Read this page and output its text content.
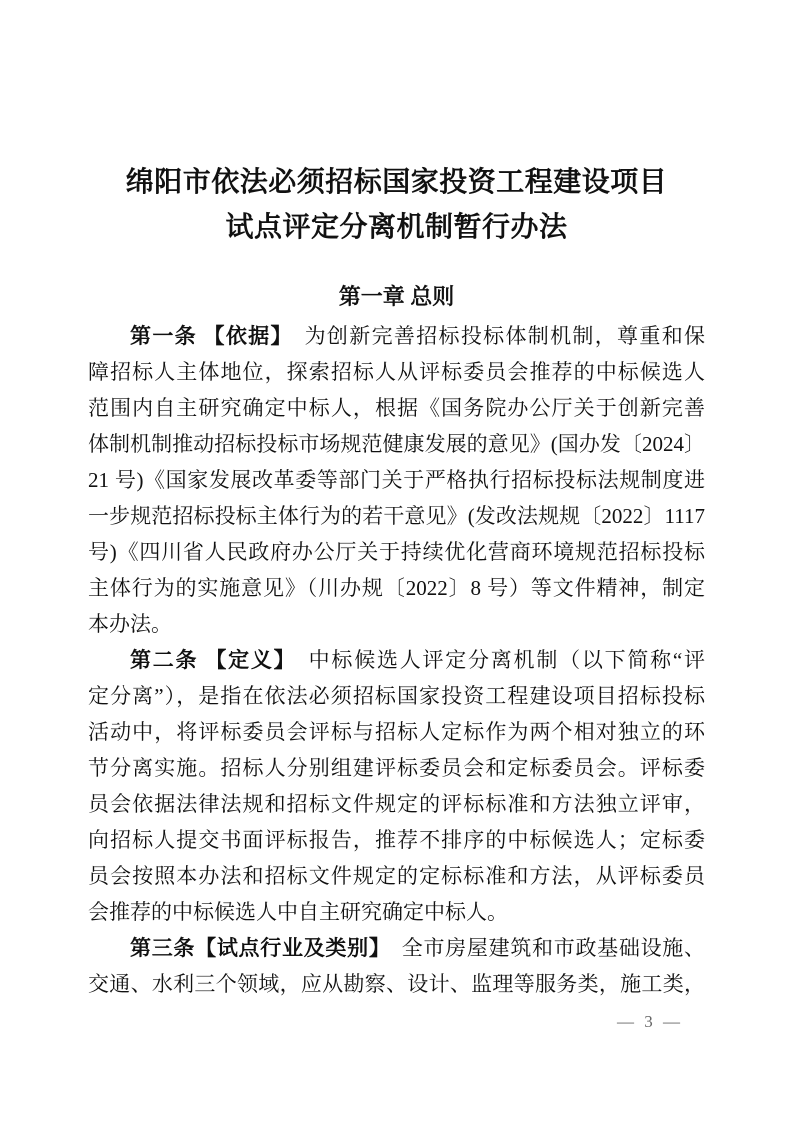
绵阳市依法必须招标国家投资工程建设项目
试点评定分离机制暂行办法
第一章 总则
第一条 【依据】　为创新完善招标投标体制机制，尊重和保
障招标人主体地位，探索招标人从评标委员会推荐的中标候选人
范围内自主研究确定中标人，根据《国务院办公厅关于创新完善
体制机制推动招标投标市场规范健康发展的意见》(国办发〔2024〕
21 号)《国家发展改革委等部门关于严格执行招标投标法规制度进
一步规范招标投标主体行为的若干意见》(发改法规规〔2022〕1117
号)《四川省人民政府办公厅关于持续优化营商环境规范招标投标
主体行为的实施意见》（川办规〔2022〕8 号）等文件精神，制定
本办法。
第二条 【定义】　中标候选人评定分离机制（以下简称“评
定分离”），是指在依法必须招标国家投资工程建设项目招标投标
活动中，将评标委员会评标与招标人定标作为两个相对独立的环
节分离实施。招标人分别组建评标委员会和定标委员会。评标委
员会依据法律法规和招标文件规定的评标标准和方法独立评审，
向招标人提交书面评标报告，推荐不排序的中标候选人；定标委
员会按照本办法和招标文件规定的定标标准和方法，从评标委员
会推荐的中标候选人中自主研究确定中标人。
第三条【试点行业及类别】　全市房屋建筑和市政基础设施、
交通、水利三个领域，应从勘察、设计、监理等服务类，施工类，
— 3 —
